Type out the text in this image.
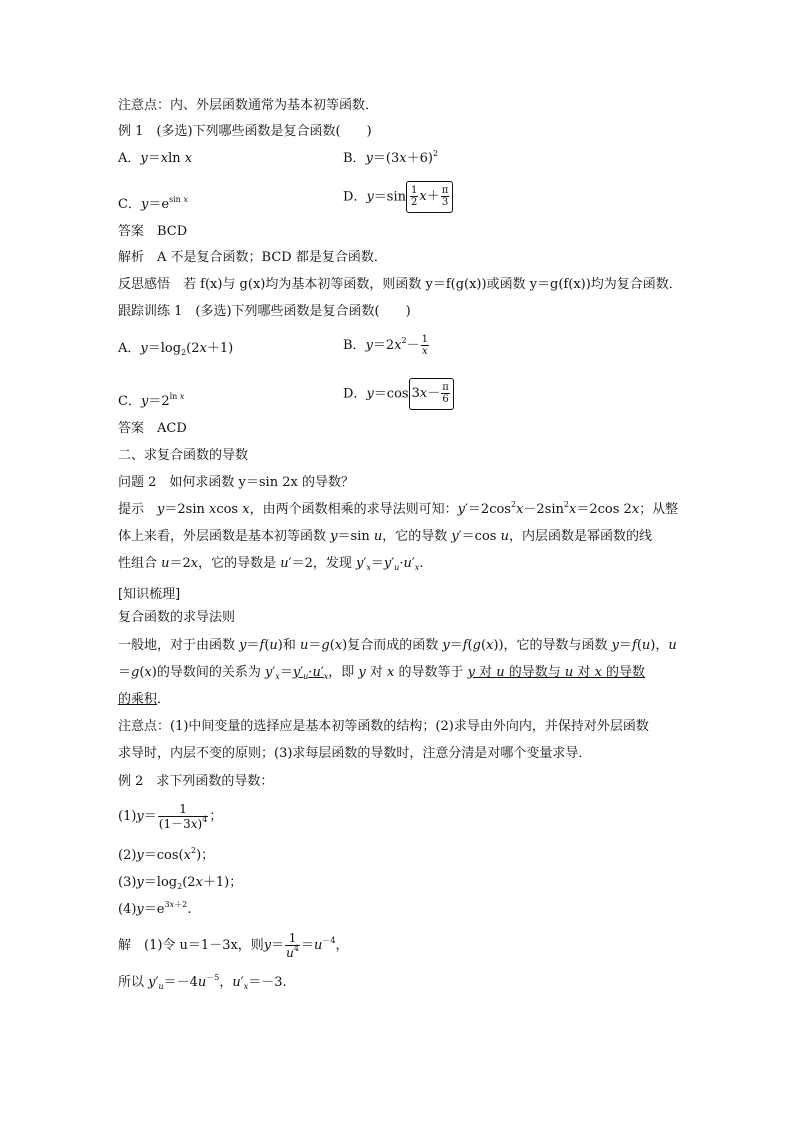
注意点：内、外层函数通常为基本初等函数．
例 1　(多选)下列哪些函数是复合函数(　　)
A．y＝xln x	B．$y=(3x+6)^2$
C．$y=e^{sin x}$	D．$y=\sin \frac{1}{2} x+ \frac{\pi}{3}$
答案　BCD
解析　A 不是复合函数；BCD 都是复合函数．
反思感悟　若 f(x)与 g(x)均为基本初等函数，则函数 y＝f(g(x))或函数 y＝g(f(x))均为复合函数．
跟踪训练 1　(多选)下列哪些函数是复合函数(　　)
A．$y=\log_2(2x+1)$	B．$y=2x^2- \frac{1}{x}$
C．$y=2^{ln x}$	D．y＝cos $3x- \frac{\pi}{6}$
答案　ACD
二、求复合函数的导数
问题 2　如何求函数 y＝sin 2x 的导数？
提示　y＝2sin xcos x，由两个函数相乘的求导法则可知：$y'=2\cos^2x-2\sin^2x=2\cos$ 2x；从整
体上来看，外层函数是基本初等函数 y＝sin u，它的导数 y′＝cos u，内层函数是幂函数的线
性组合 u＝2x，它的导数是 u′＝2，发现 $y'_x=y'_u\cdot u'_x$.
[知识梳理]
复合函数的求导法则
一般地，对于由函数 y＝f(u)和 u＝g(x)复合而成的函数 y＝f(g(x))，它的导数与函数 y＝f(u)，u
＝g(x)的导数间的关系为 $y'_x=y'_u\cdot u'_x$，即 y 对 x 的导数等于 y 对 u 的导数与 u 对 x 的导数
的乘积．
注意点：(1)中间变量的选择应是基本初等函数的结构；(2)求导由外向内，并保持对外层函数
求导时，内层不变的原则；(3)求每层函数的导数时，注意分清是对哪个变量求导．
例 2　求下列函数的导数：
$(1)y= \frac{1}{(1-3x)^4}$ ；
$(2)y=\cos(x^2)$；
$(3)y=\log_2(2x+1)$；
$(4)y=e^{3x+2}$.
解　(1)令 u＝1－3x，则$y= \frac{1}{u^4} =u^{-4}$，
所以 $y'_u=-4u^{-5}$，$u'_x=-3$.
